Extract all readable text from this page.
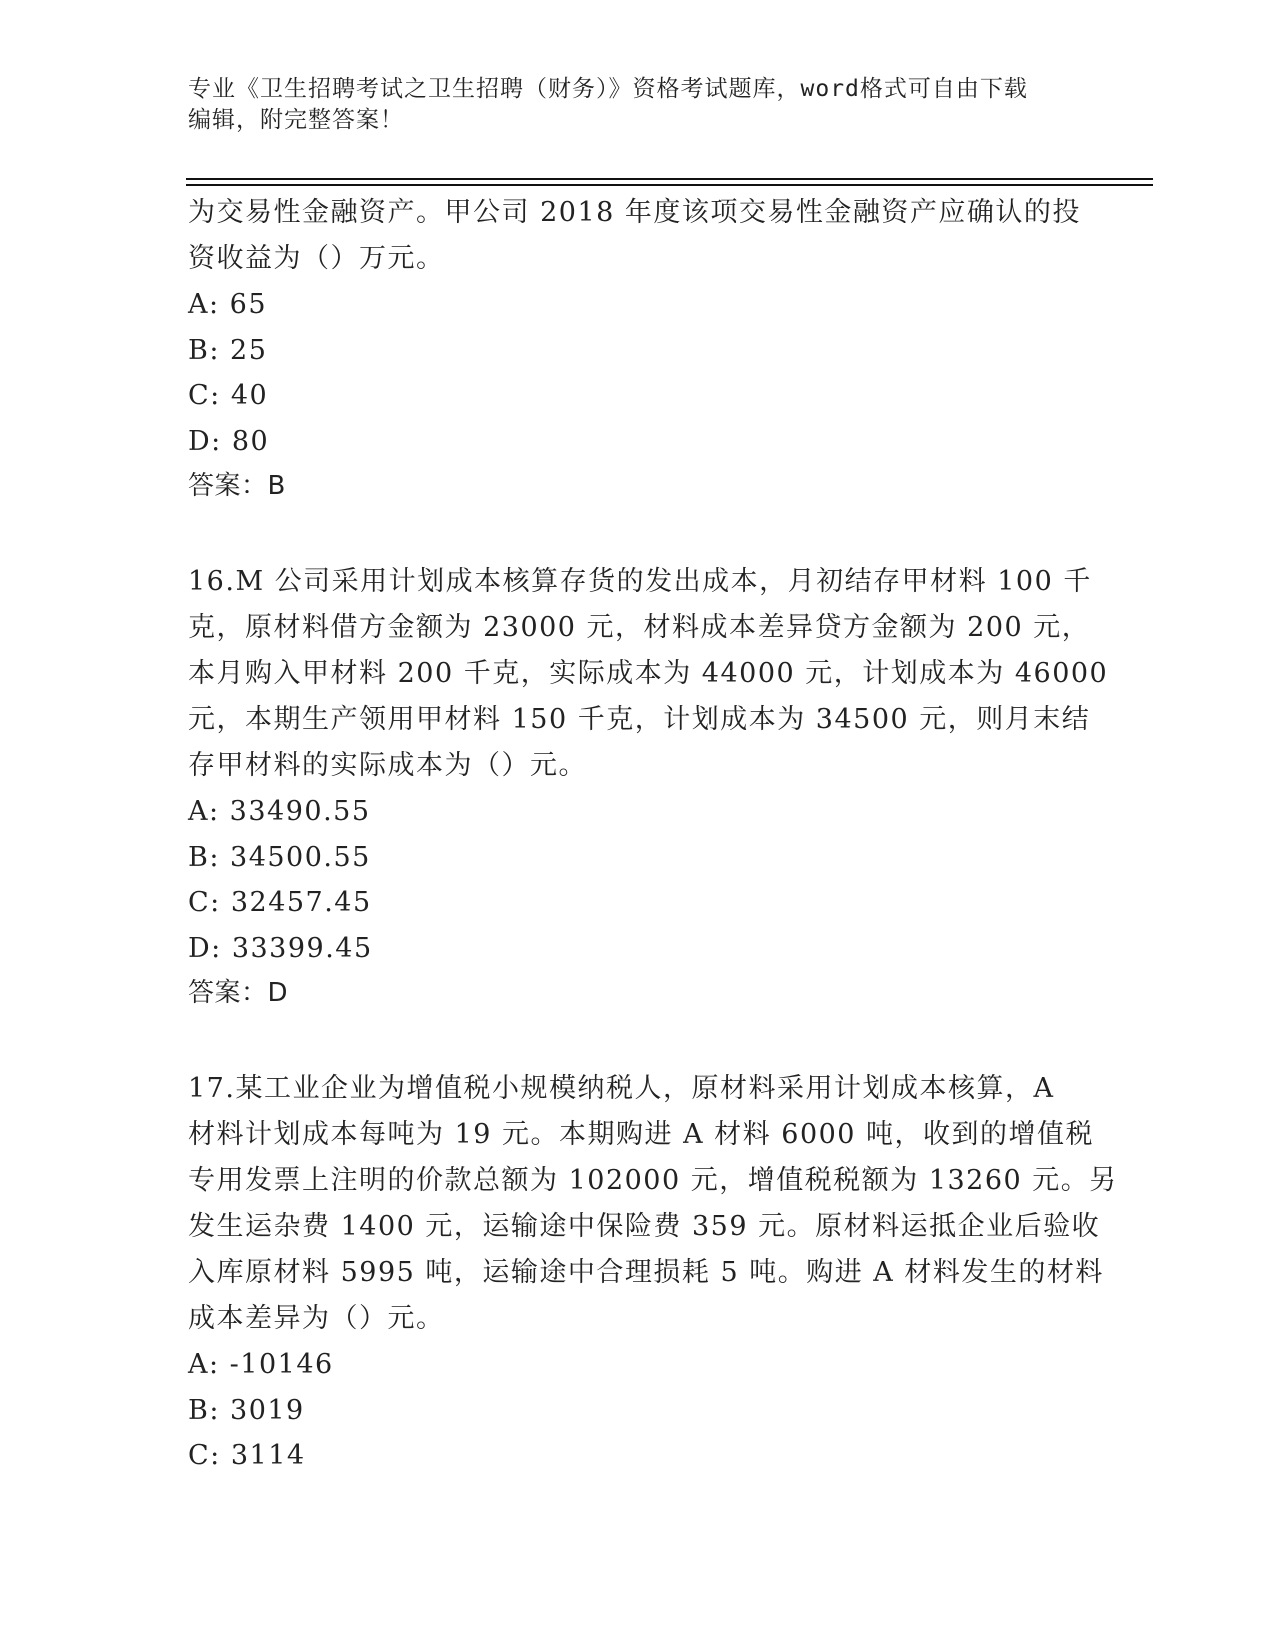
专业《卫生招聘考试之卫生招聘（财务）》资格考试题库，word格式可自由下载
编辑，附完整答案！
为交易性金融资产。甲公司 2018 年度该项交易性金融资产应确认的投
资收益为（）万元。
A: 65
B: 25
C: 40
D: 80
答案：B
16.M 公司采用计划成本核算存货的发出成本，月初结存甲材料 100 千
克，原材料借方金额为 23000 元，材料成本差异贷方金额为 200 元，
本月购入甲材料 200 千克，实际成本为 44000 元，计划成本为 46000
元，本期生产领用甲材料 150 千克，计划成本为 34500 元，则月末结
存甲材料的实际成本为（）元。
A: 33490.55
B: 34500.55
C: 32457.45
D: 33399.45
答案：D
17.某工业企业为增值税小规模纳税人，原材料采用计划成本核算，A
材料计划成本每吨为 19 元。本期购进 A 材料 6000 吨，收到的增值税
专用发票上注明的价款总额为 102000 元，增值税税额为 13260 元。另
发生运杂费 1400 元，运输途中保险费 359 元。原材料运抵企业后验收
入库原材料 5995 吨，运输途中合理损耗 5 吨。购进 A 材料发生的材料
成本差异为（）元。
A: -10146
B: 3019
C: 3114
